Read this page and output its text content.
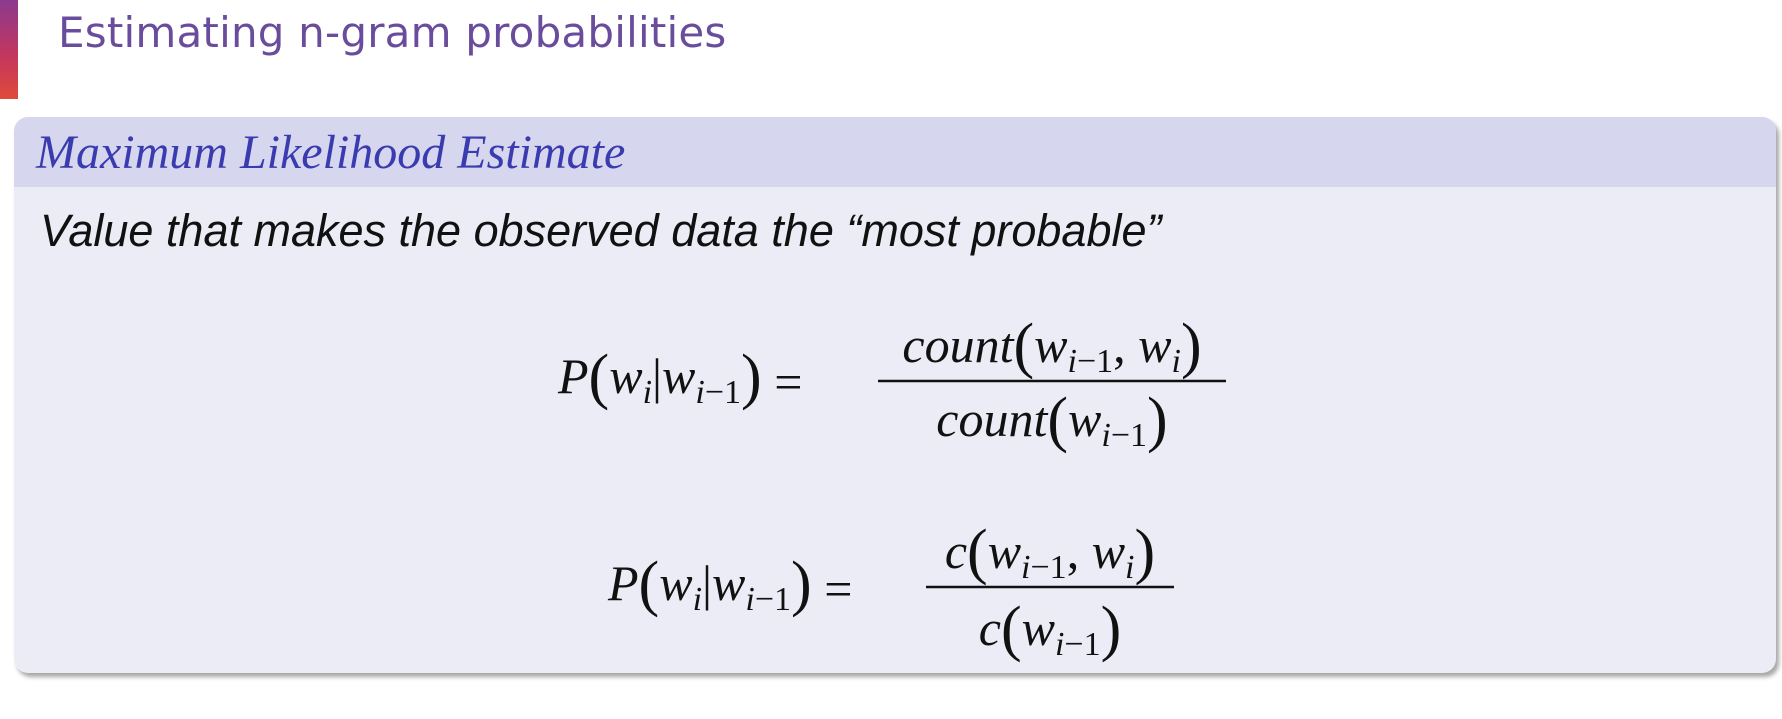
Estimating n-gram probabilities
Maximum Likelihood Estimate
Value that makes the observed data the “most probable”
$P(w_i|w_i-1)$ =
$count(w_i-1$, $w_i$)
$count(w_i-1)$
$P(w_i|w_i-1)$ =
$c(w_i-1$, $w_i$)
$c(w_i-1)$
